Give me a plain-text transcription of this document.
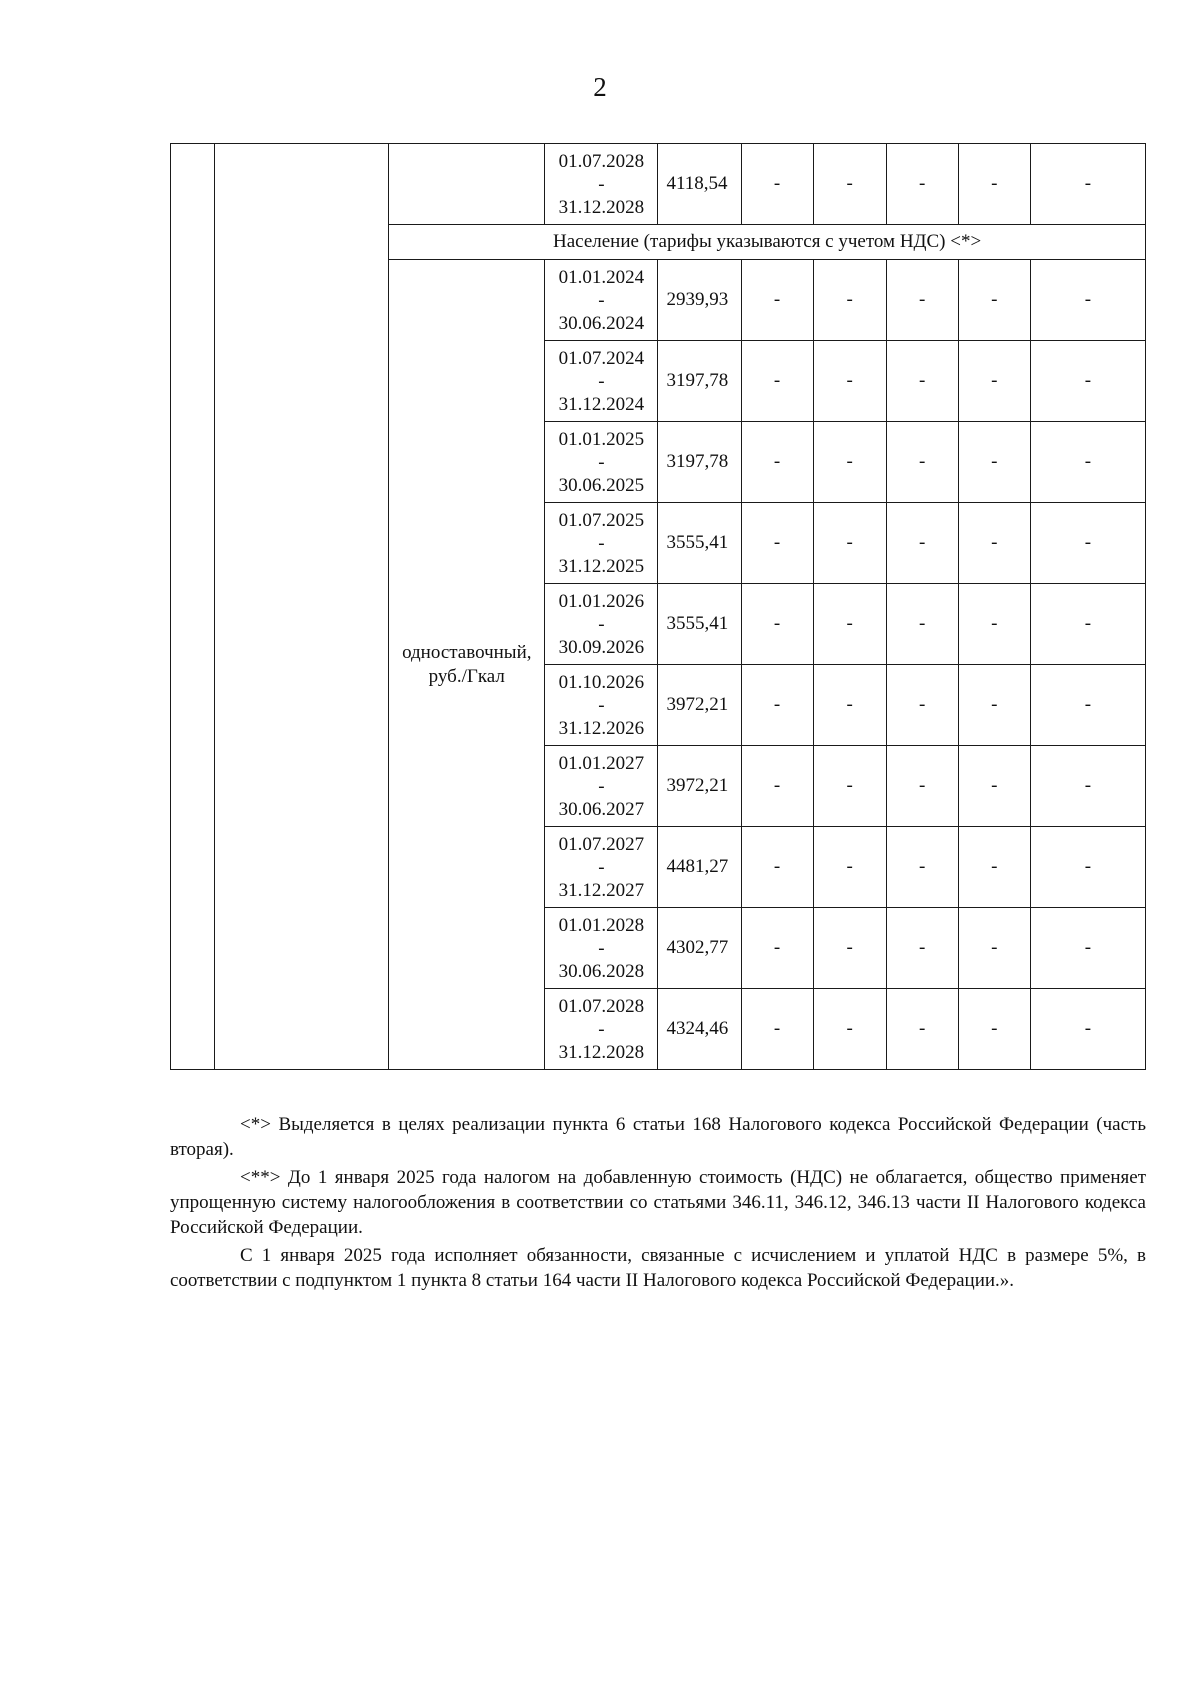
2

			01.07.2028
-
31.12.2028	4118,54	-	-	-	-	-
		Население (тарифы указываются с учетом НДС) <*>							

		одноставочный,
руб./Гкал	01.01.2024
-
30.06.2024	2939,93	-	-	-	-	-

			01.07.2024
-
31.12.2024	3197,78	-	-	-	-	-

			01.01.2025
-
30.06.2025	3197,78	-	-	-	-	-

			01.07.2025
-
31.12.2025	3555,41	-	-	-	-	-

			01.01.2026
-
30.09.2026	3555,41	-	-	-	-	-

			01.10.2026
-
31.12.2026	3972,21	-	-	-	-	-

			01.01.2027
-
30.06.2027	3972,21	-	-	-	-	-

			01.07.2027
-
31.12.2027	4481,27	-	-	-	-	-

			01.01.2028
-
30.06.2028	4302,77	-	-	-	-	-

			01.07.2028
-
31.12.2028	4324,46	-	-	-	-	-

<*> Выделяется в целях реализации пункта 6 статьи 168 Налогового кодекса Российской Федерации (часть вторая).

<**> До 1 января 2025 года налогом на добавленную стоимость (НДС) не облагается, общество применяет упрощенную систему налогообложения в соответствии со статьями 346.11, 346.12, 346.13 части II Налогового кодекса Российской Федерации.

С 1 января 2025 года исполняет обязанности, связанные с исчислением и уплатой НДС в размере 5%, в соответствии с подпунктом 1 пункта 8 статьи 164 части II Налогового кодекса Российской Федерации.».
